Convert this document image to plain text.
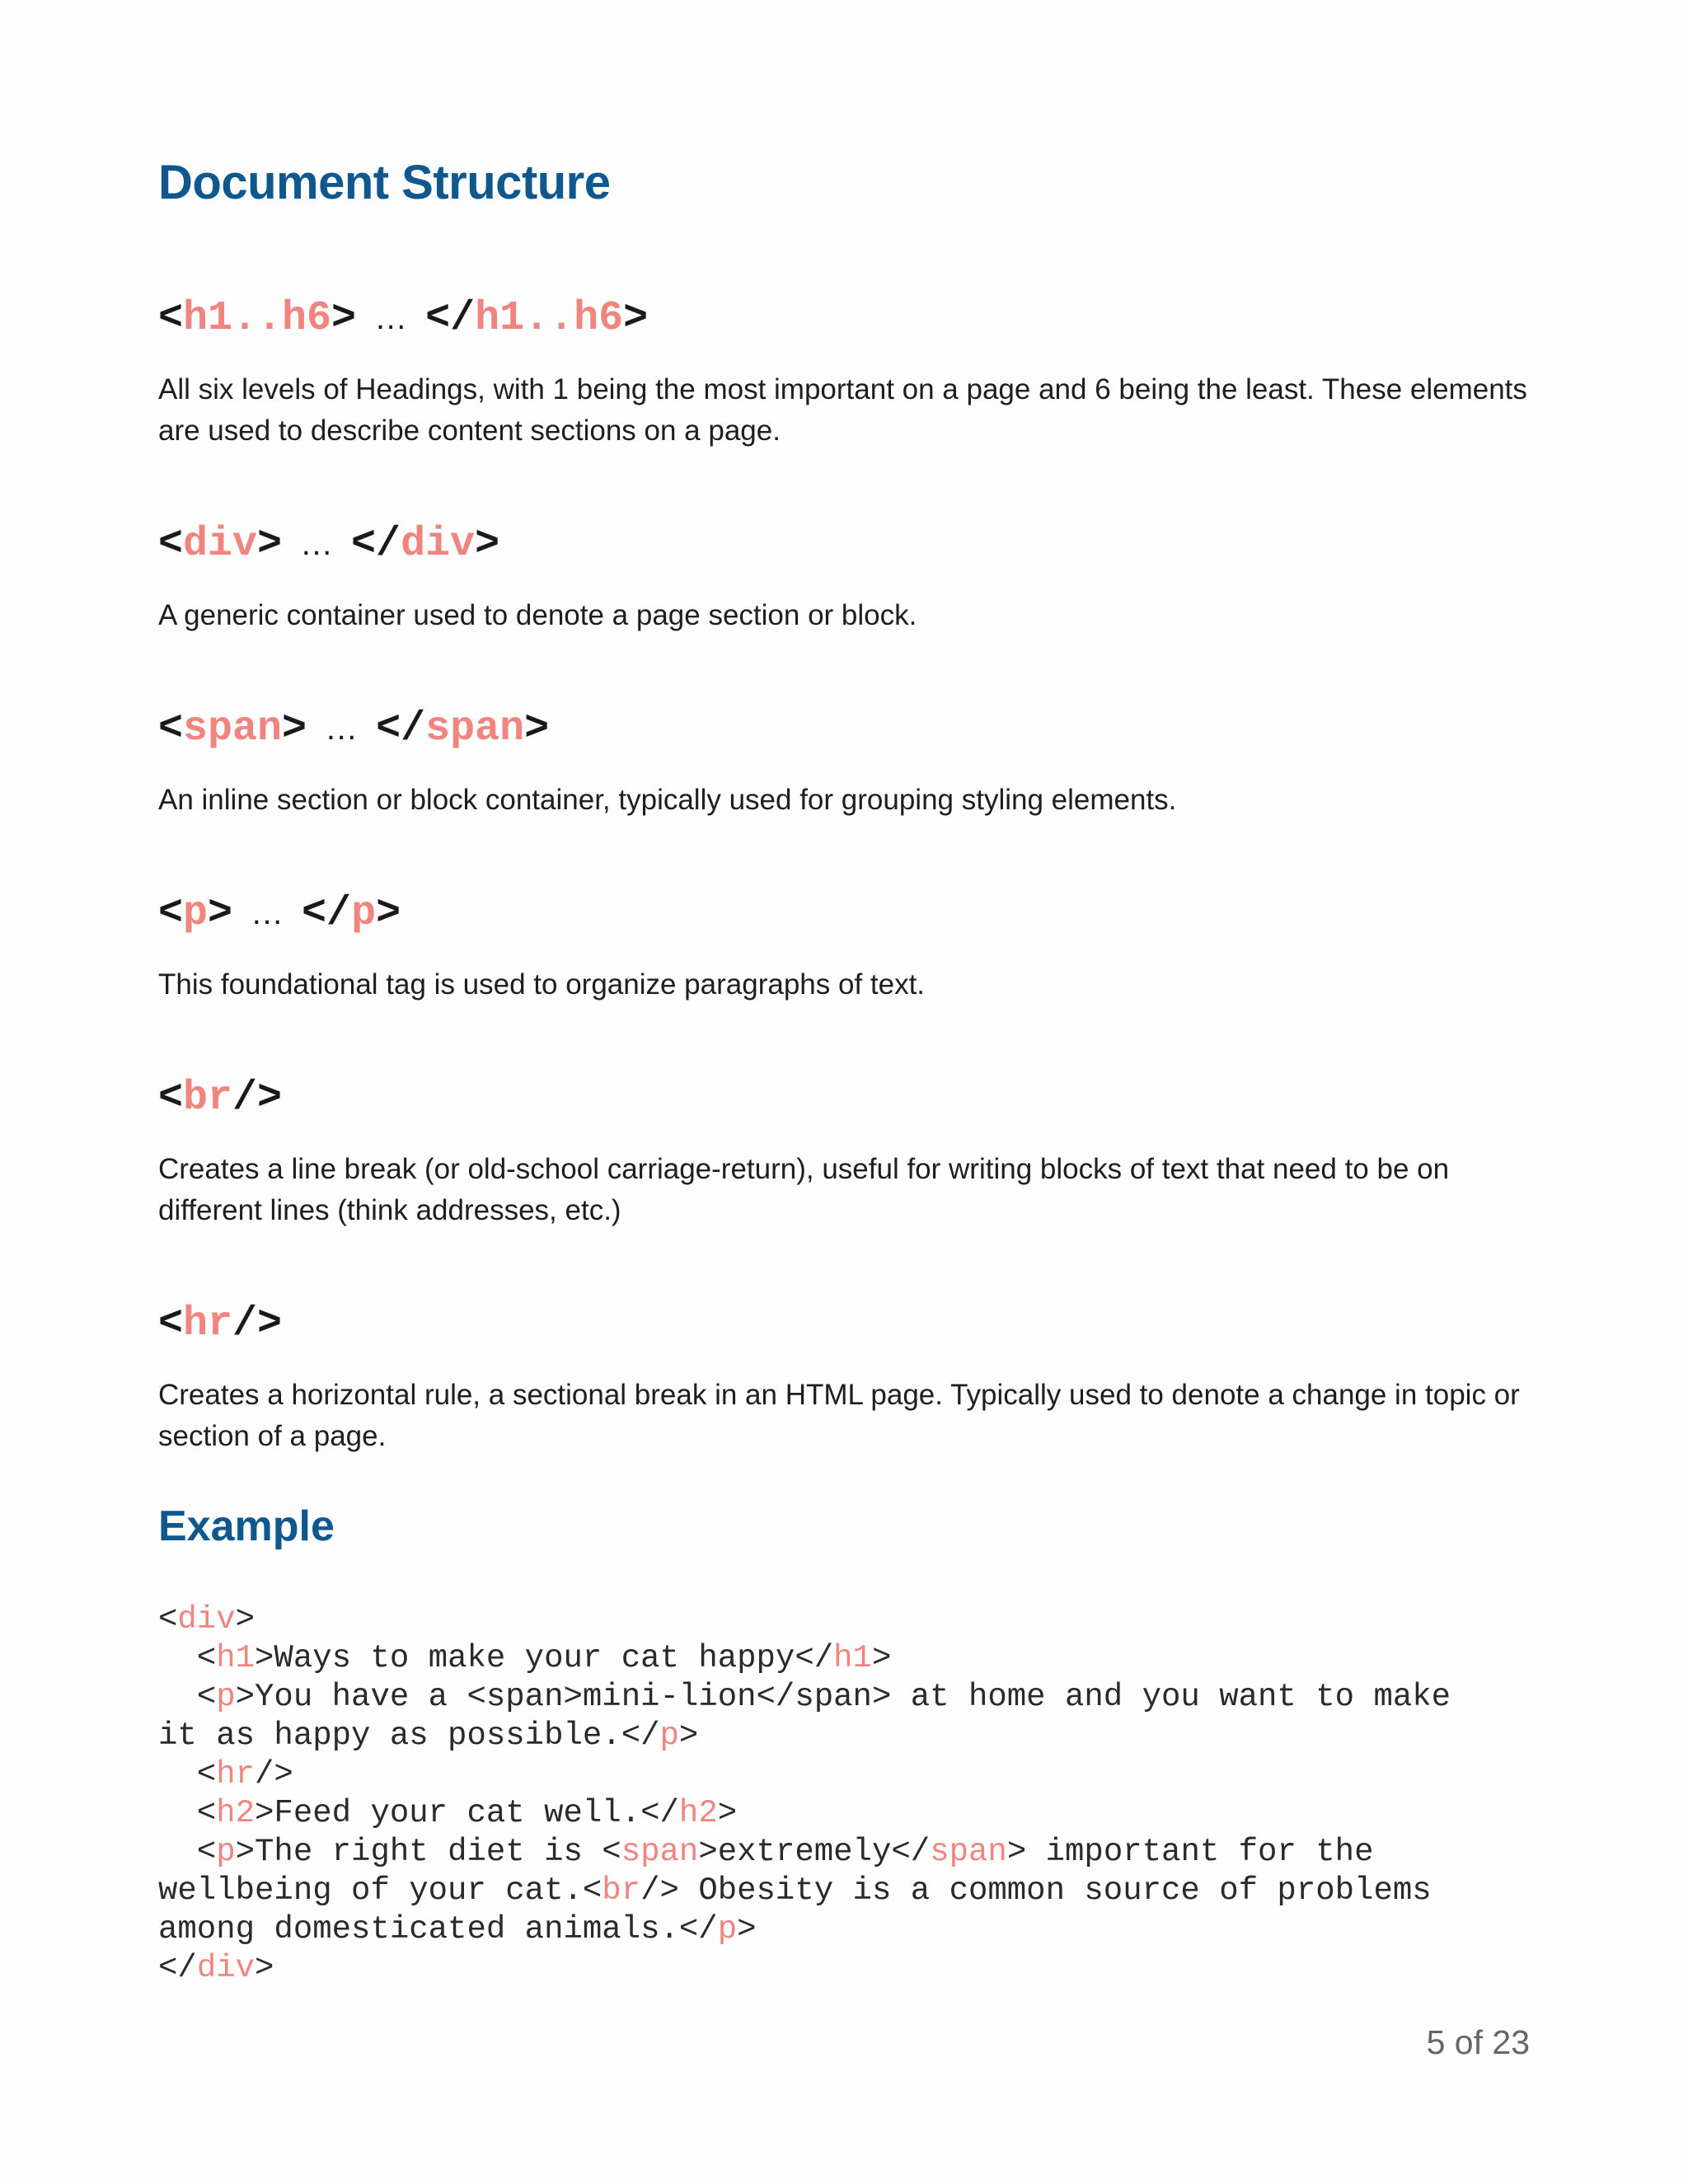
Document Structure
<h1..h6> … </h1..h6>

All six levels of Headings, with 1 being the most important on a page and 6 being the least. These elements are used to describe content sections on a page.

<div> … </div>

A generic container used to denote a page section or block.

<span> … </span>

An inline section or block container, typically used for grouping styling elements.

<p> … </p>

This foundational tag is used to organize paragraphs of text.

<br/>

Creates a line break (or old-school carriage-return), useful for writing blocks of text that need to be on different lines (think addresses, etc.)

<hr/>

Creates a horizontal rule, a sectional break in an HTML page. Typically used to denote a change in topic or section of a page.

Example
<div>
<h1>Ways to make your cat happy</h1>
<p>You have a <span>mini-lion</span> at home and you want to make
it as happy as possible.</p>
<hr/>
<h2>Feed your cat well.</h2>
<p>The right diet is <span>extremely</span> important for the
wellbeing of your cat.<br/> Obesity is a common source of problems
among domesticated animals.</p>
</div>

5 of 23
